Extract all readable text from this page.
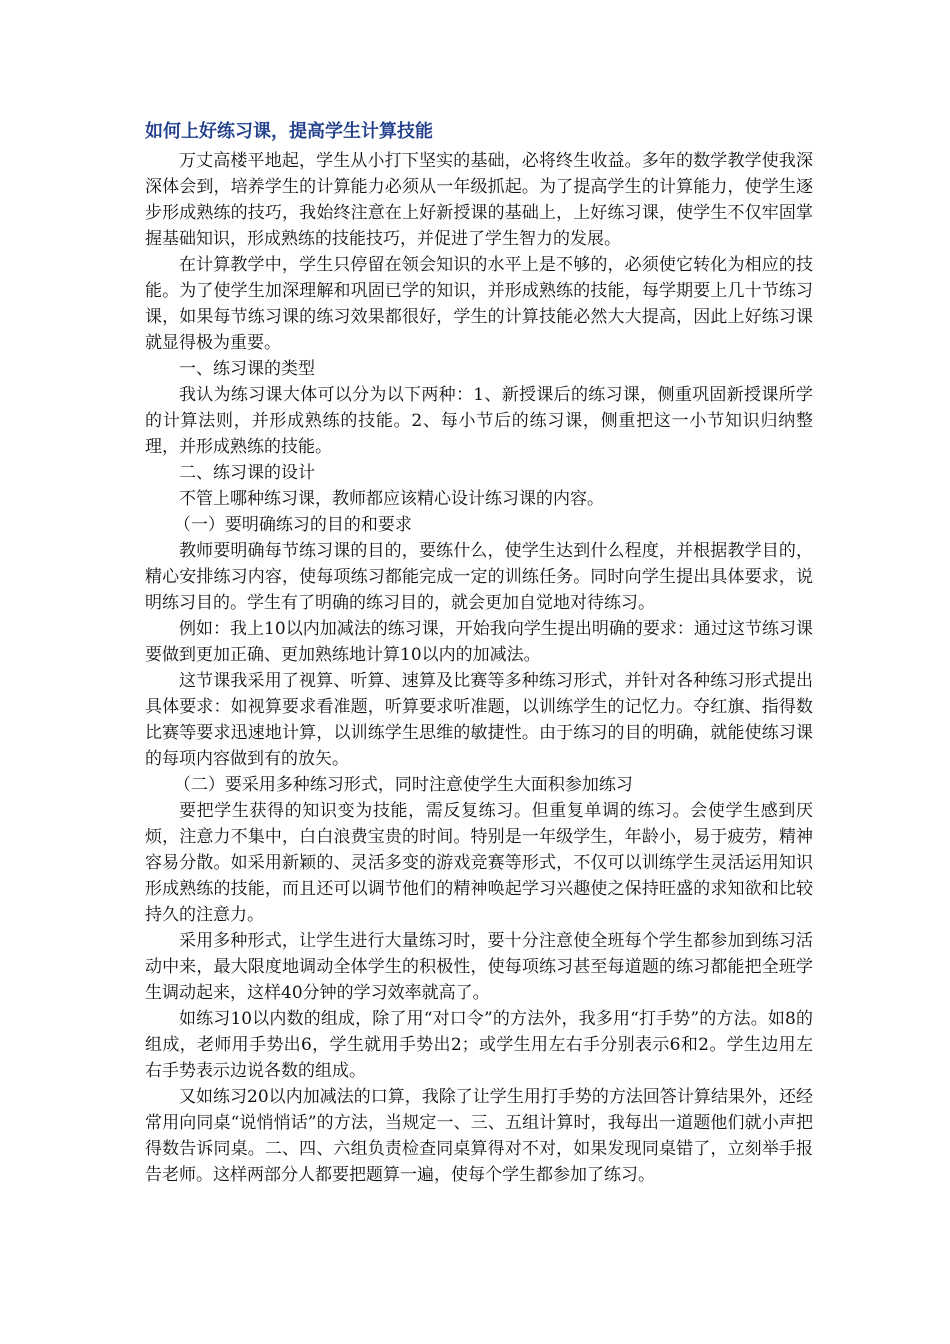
如何上好练习课，提高学生计算技能

万丈高楼平地起，学生从小打下坚实的基础，必将终生收益。多年的数学教学使我深深体会到，培养学生的计算能力必须从一年级抓起。为了提高学生的计算能力，使学生逐步形成熟练的技巧，我始终注意在上好新授课的基础上，上好练习课，使学生不仅牢固掌握基础知识，形成熟练的技能技巧，并促进了学生智力的发展。

在计算教学中，学生只停留在领会知识的水平上是不够的，必须使它转化为相应的技能。为了使学生加深理解和巩固已学的知识，并形成熟练的技能，每学期要上几十节练习课，如果每节练习课的练习效果都很好，学生的计算技能必然大大提高，因此上好练习课就显得极为重要。

一、练习课的类型

我认为练习课大体可以分为以下两种：1、新授课后的练习课，侧重巩固新授课所学的计算法则，并形成熟练的技能。2、每小节后的练习课，侧重把这一小节知识归纳整理，并形成熟练的技能。

二、练习课的设计

不管上哪种练习课，教师都应该精心设计练习课的内容。

（一）要明确练习的目的和要求

教师要明确每节练习课的目的，要练什么，使学生达到什么程度，并根据教学目的，精心安排练习内容，使每项练习都能完成一定的训练任务。同时向学生提出具体要求，说明练习目的。学生有了明确的练习目的，就会更加自觉地对待练习。

例如：我上10以内加减法的练习课，开始我向学生提出明确的要求：通过这节练习课要做到更加正确、更加熟练地计算10以内的加减法。

这节课我采用了视算、听算、速算及比赛等多种练习形式，并针对各种练习形式提出具体要求：如视算要求看准题，听算要求听准题，以训练学生的记忆力。夺红旗、指得数比赛等要求迅速地计算，以训练学生思维的敏捷性。由于练习的目的明确，就能使练习课的每项内容做到有的放矢。

（二）要采用多种练习形式，同时注意使学生大面积参加练习

要把学生获得的知识变为技能，需反复练习。但重复单调的练习。会使学生感到厌烦，注意力不集中，白白浪费宝贵的时间。特别是一年级学生，年龄小，易于疲劳，精神容易分散。如采用新颖的、灵活多变的游戏竞赛等形式，不仅可以训练学生灵活运用知识形成熟练的技能，而且还可以调节他们的精神唤起学习兴趣使之保持旺盛的求知欲和比较持久的注意力。

采用多种形式，让学生进行大量练习时，要十分注意使全班每个学生都参加到练习活动中来，最大限度地调动全体学生的积极性，使每项练习甚至每道题的练习都能把全班学生调动起来，这样40分钟的学习效率就高了。

如练习10以内数的组成，除了用“对口令”的方法外，我多用“打手势”的方法。如8的组成，老师用手势出6，学生就用手势出2；或学生用左右手分别表示6和2。学生边用左右手势表示边说各数的组成。

又如练习20以内加减法的口算，我除了让学生用打手势的方法回答计算结果外，还经常用向同桌“说悄悄话”的方法，当规定一、三、五组计算时，我每出一道题他们就小声把得数告诉同桌。二、四、六组负责检查同桌算得对不对，如果发现同桌错了，立刻举手报告老师。这样两部分人都要把题算一遍，使每个学生都参加了练习。
